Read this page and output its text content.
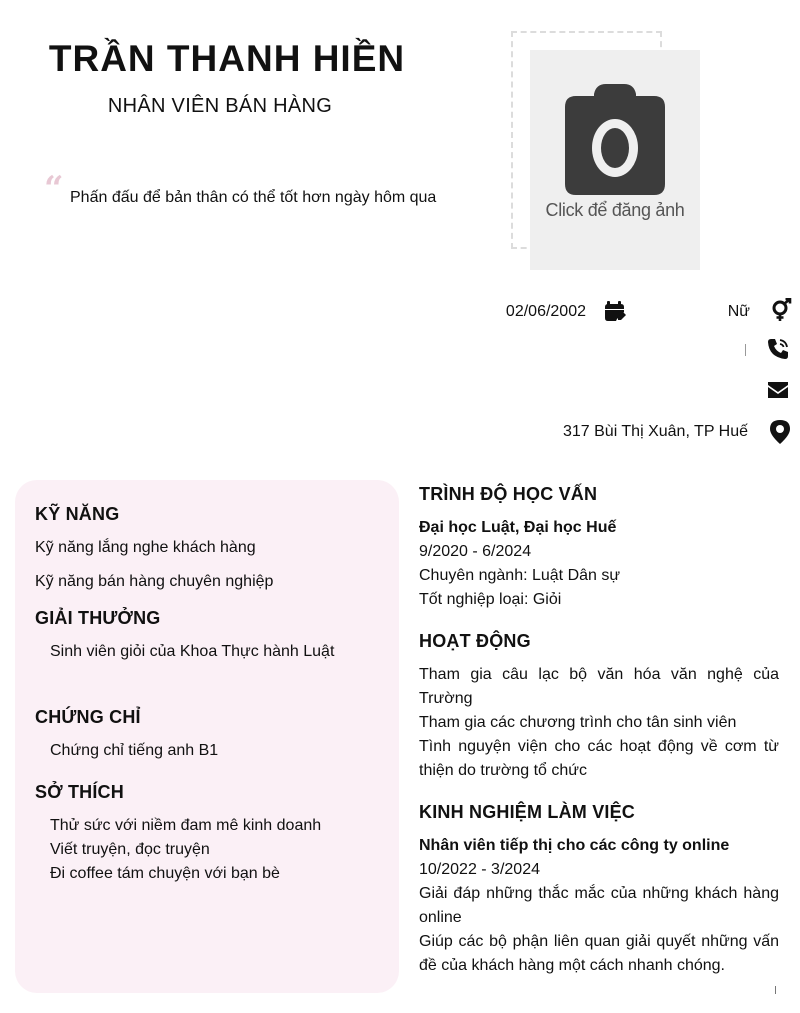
TRẦN THANH HIỀN
NHÂN VIÊN BÁN HÀNG
“ Phấn đấu để bản thân có thể tốt hơn ngày hôm qua
Click để đăng ảnh
02/06/2002	Nữ
317 Bùi Thị Xuân, TP Huế
KỸ NĂNG
Kỹ năng lắng nghe khách hàng
Kỹ năng bán hàng chuyên nghiệp
GIẢI THƯỞNG
Sinh viên giỏi của Khoa Thực hành Luật
CHỨNG CHỈ
Chứng chỉ tiếng anh B1
SỞ THÍCH
Thử sức với niềm đam mê kinh doanh
Viết truyện, đọc truyện
Đi coffee tám chuyện với bạn bè
TRÌNH ĐỘ HỌC VẤN
Đại học Luật, Đại học Huế
9/2020 - 6/2024
Chuyên ngành: Luật Dân sự
Tốt nghiệp loại: Giỏi
HOẠT ĐỘNG
Tham gia câu lạc bộ văn hóa văn nghệ của Trường
Tham gia các chương trình cho tân sinh viên
Tình nguyện viện cho các hoạt động về cơm từ thiện do trường tổ chức
KINH NGHIỆM LÀM VIỆC
Nhân viên tiếp thị cho các công ty online
10/2022 - 3/2024
Giải đáp những thắc mắc của những khách hàng online
Giúp các bộ phận liên quan giải quyết những vấn đề của khách hàng một cách nhanh chóng.
